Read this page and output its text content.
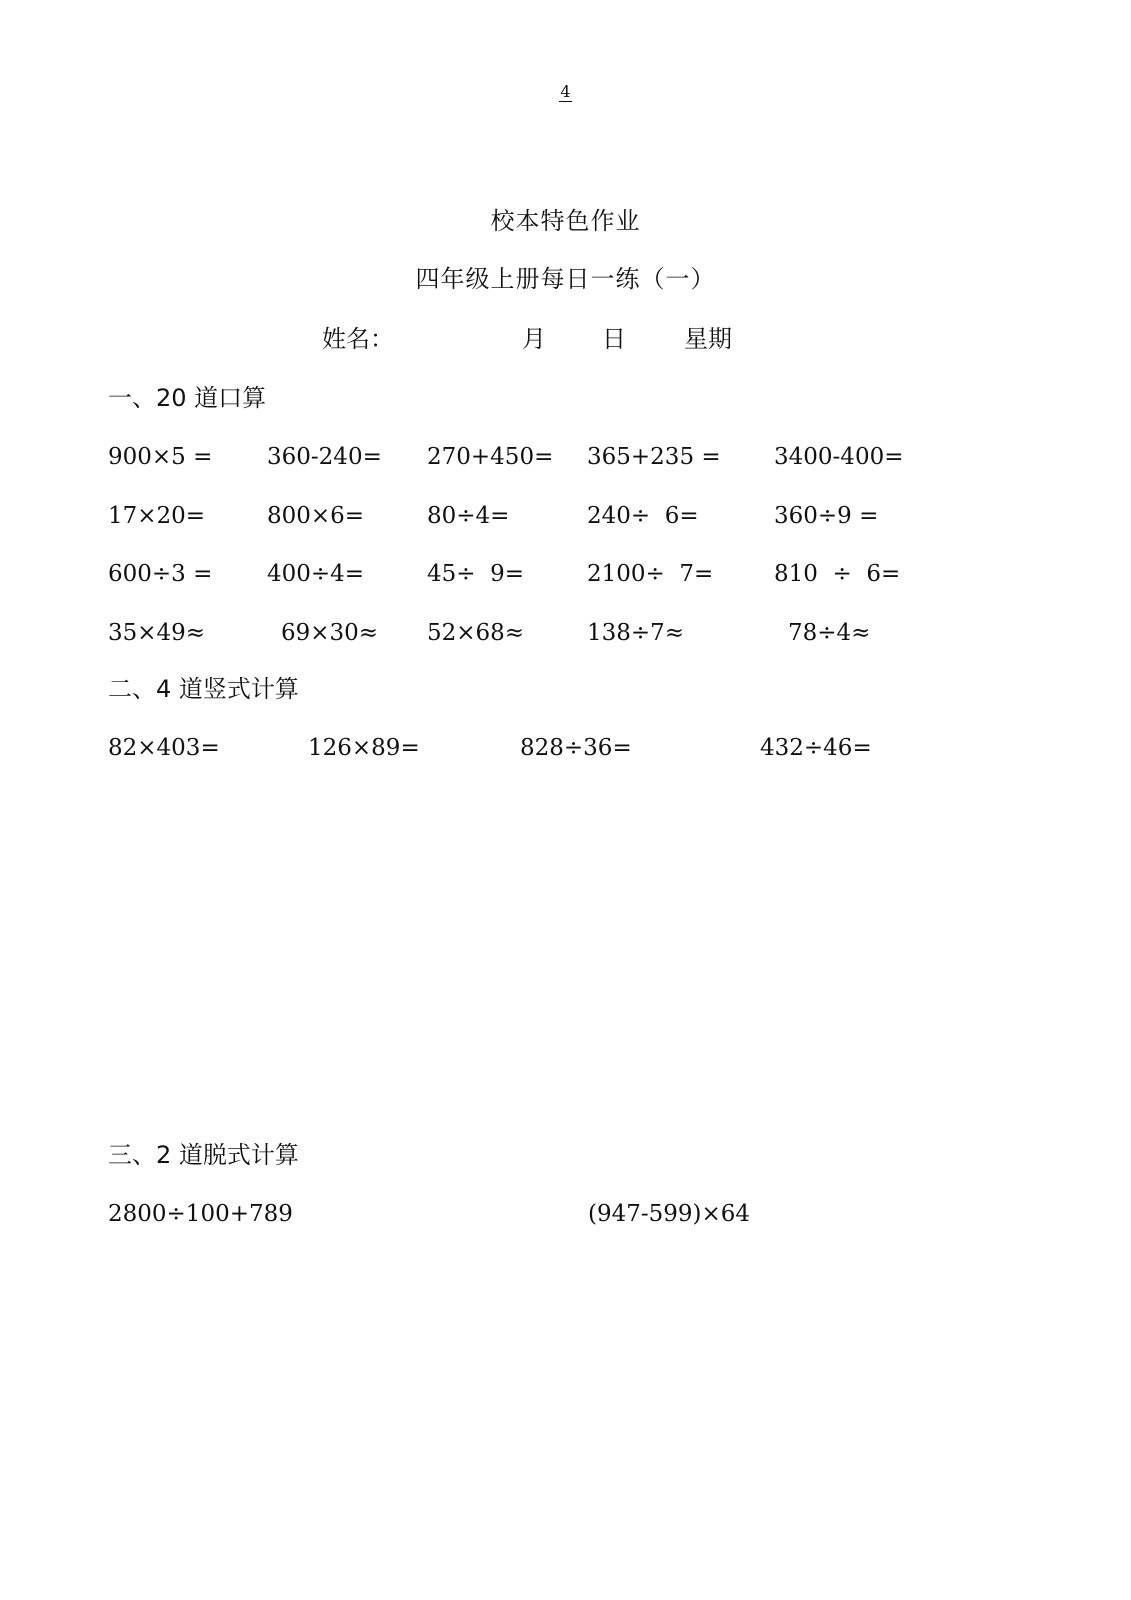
4
校本特色作业
四年级上册每日一练（一）
姓名：	月 日 星期
一、20 道口算
900×5 = 360-240= 270+450= 365+235 = 3400-400=
17×20=	800×6=	80÷4=	240÷  6=	360÷9 =
600÷3 = 400÷4=	45÷  9=	2100÷  7=	810  ÷  6=
35×49≈	69×30≈ 52×68≈	138÷7≈	78÷4≈
二、4 道竖式计算
82×403=	126×89=	828÷36=	432÷46=
三、2 道脱式计算
2800÷100+789	(947-599)×64
